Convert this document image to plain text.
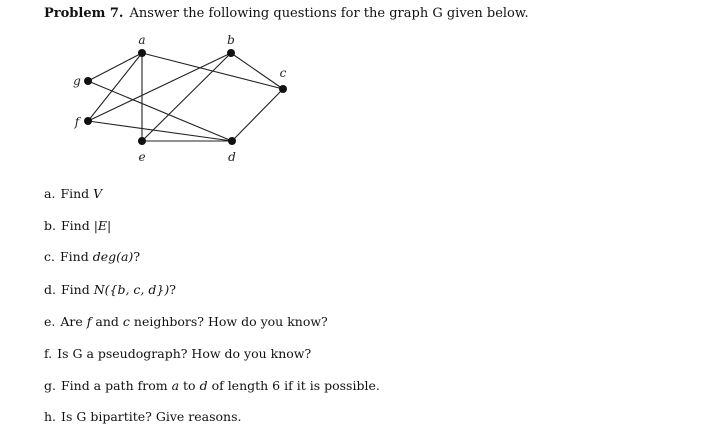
Problem 7. Answer the following questions for the graph G given below.
a	b
c
d
e
f
g
a. Find V
b. Find |E|
c. Find deg(a)?
d. Find N({b, c, d})?
e. Are f and c neighbors? How do you know?
f. Is G a pseudograph? How do you know?
g. Find a path from a to d of length 6 if it is possible.
h. Is G bipartite? Give reasons.
